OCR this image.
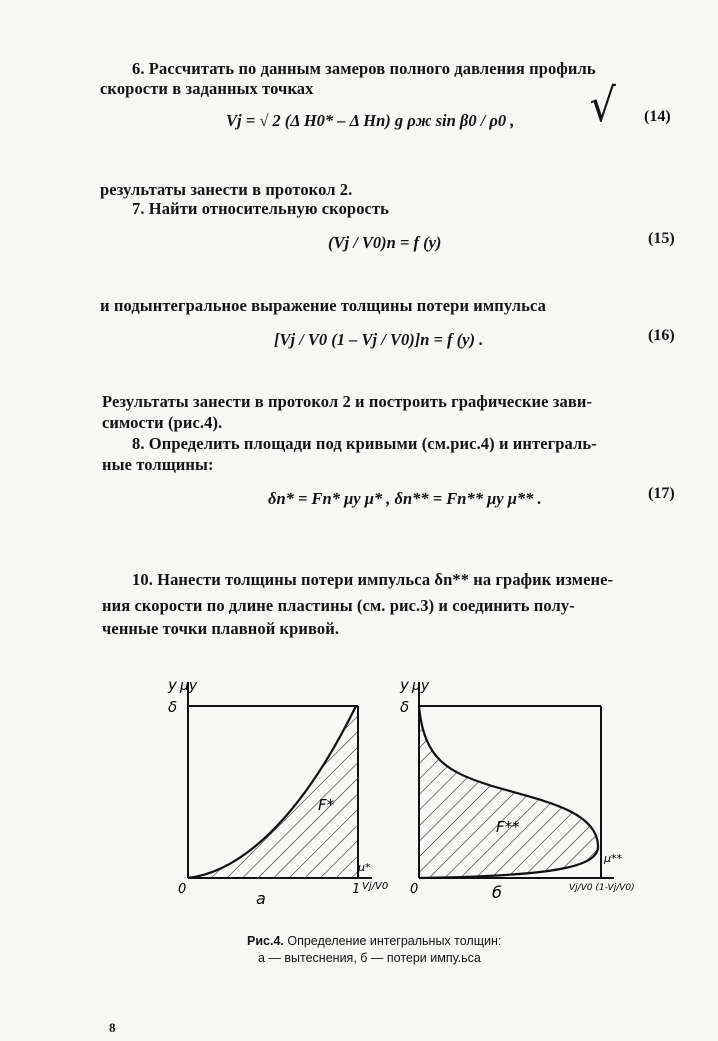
6. Рассчитать по данным замеров полного давления профиль
скорости в заданных точках
Vj = √ 2 (Δ H0* – Δ Hn) g ρж sin β0 / ρ0 , √ (14)
результаты занести в протокол 2.
7. Найти относительную скорость
(Vj / V0)n = f (y)	(15)
и подынтегральное выражение толщины потери импульса
[Vj / V0 (1 – Vj / V0)]n = f (y) .	(16)
Результаты занести в протокол 2 и построить графические зави-
симости (рис.4).
8. Определить площади под кривыми (см.рис.4) и интеграль-
ные толщины:
δn* = Fn* μy μ* , δn** = Fn** μy μ** .	(17)
10. Нанести толщины потери импульса δn** на график измене-
ния скорости по длине пластины (см. рис.3) и соединить полу-
ченные точки плавной кривой.
y μy
δ
F*
0	1 Vj/V0
μ*
a
y μy
δ
F**
0	Vj/V0 (1-Vj/V0)
μ**
б
Рис.4. Определение интегральных толщин:
а — вытеснения, б — потери импу.ьса
8
